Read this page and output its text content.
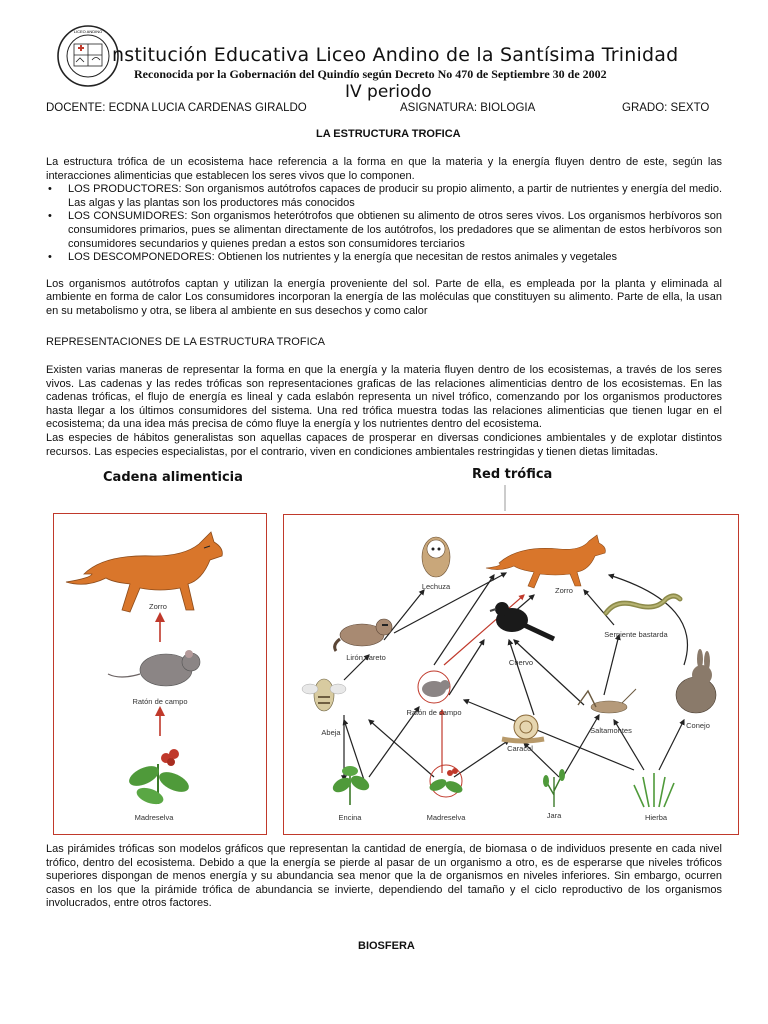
LICEO ANDINO
nstitución Educativa Liceo Andino de la Santísima Trinidad
Reconocida por la Gobernación del Quindío según Decreto No 470 de Septiembre 30 de 2002
IV periodo
DOCENTE: ECDNA LUCIA CARDENAS GIRALDO	ASIGNATURA: BIOLOGIA	GRADO: SEXTO
LA ESTRUCTURA TROFICA
La estructura trófica de un ecosistema hace referencia a la forma en que la materia y la energía fluyen dentro de este, según las interacciones alimenticias que establecen los seres vivos que lo componen.
• LOS PRODUCTORES: Son organismos autótrofos capaces de producir su propio alimento, a partir de nutrientes y energía del medio. Las algas y las plantas son los productores más conocidos
• LOS CONSUMIDORES: Son organismos heterótrofos que obtienen su alimento de otros seres vivos. Los organismos herbívoros son consumidores primarios, pues se alimentan directamente de los autótrofos, los predadores que se alimentan de estos herbívoros son consumidores secundarios y quienes predan a estos son consumidores terciarios
• LOS DESCOMPONEDORES: Obtienen los nutrientes y la energía que necesitan de restos animales y vegetales
Los organismos autótrofos captan y utilizan la energía proveniente del sol. Parte de ella, es empleada por la planta y eliminada al ambiente en forma de calor Los consumidores incorporan la energía de las moléculas que constituyen su alimento. Parte de ella, la usan en su metabolismo y otra, se libera al ambiente en sus desechos y como calor
REPRESENTACIONES DE LA ESTRUCTURA TROFICA
Existen varias maneras de representar la forma en que la energía y la materia fluyen dentro de los ecosistemas, a través de los seres vivos. Las cadenas y las redes tróficas son representaciones graficas de las relaciones alimenticias dentro de los ecosistemas. En las cadenas tróficas, el flujo de energía es lineal y cada eslabón representa un nivel trófico, comenzando por los organismos productores hasta llegar a los últimos consumidores del sistema. Una red trófica muestra todas las relaciones alimenticias que tienen lugar en el ecosistema; da una idea más precisa de cómo fluye la energía y los nutrientes dentro del ecosistema.
Las especies de hábitos generalistas son aquellas capaces de prosperar en diversas condiciones ambientales y de explotar distintos recursos. Las especies especialistas, por el contrario, viven en condiciones ambientales restringidas y tienen dietas limitadas.
Cadena alimenticia	Red trófica
Zorro
Ratón de campo
Madreselva
Lechuza	Zorro
Serpiente bastarda
Lirón careto
Cuervo
Abeja
Ratón de campo
Caracol
Saltamontes
Conejo
Encina	Madreselva	Jara	Hierba
Las pirámides tróficas son modelos gráficos que representan la cantidad de energía, de biomasa o de individuos presente en cada nivel trófico, dentro del ecosistema. Debido a que la energía se pierde al pasar de un organismo a otro, es de esperarse que niveles tróficos superiores dispongan de menos energía y su abundancia sea menor que la de organismos en niveles inferiores. Sin embargo, ocurren casos en los que la pirámide trófica de abundancia se invierte, dependiendo del tamaño y el ciclo reproductivo de los organismos involucrados, entre otros factores.
BIOSFERA
